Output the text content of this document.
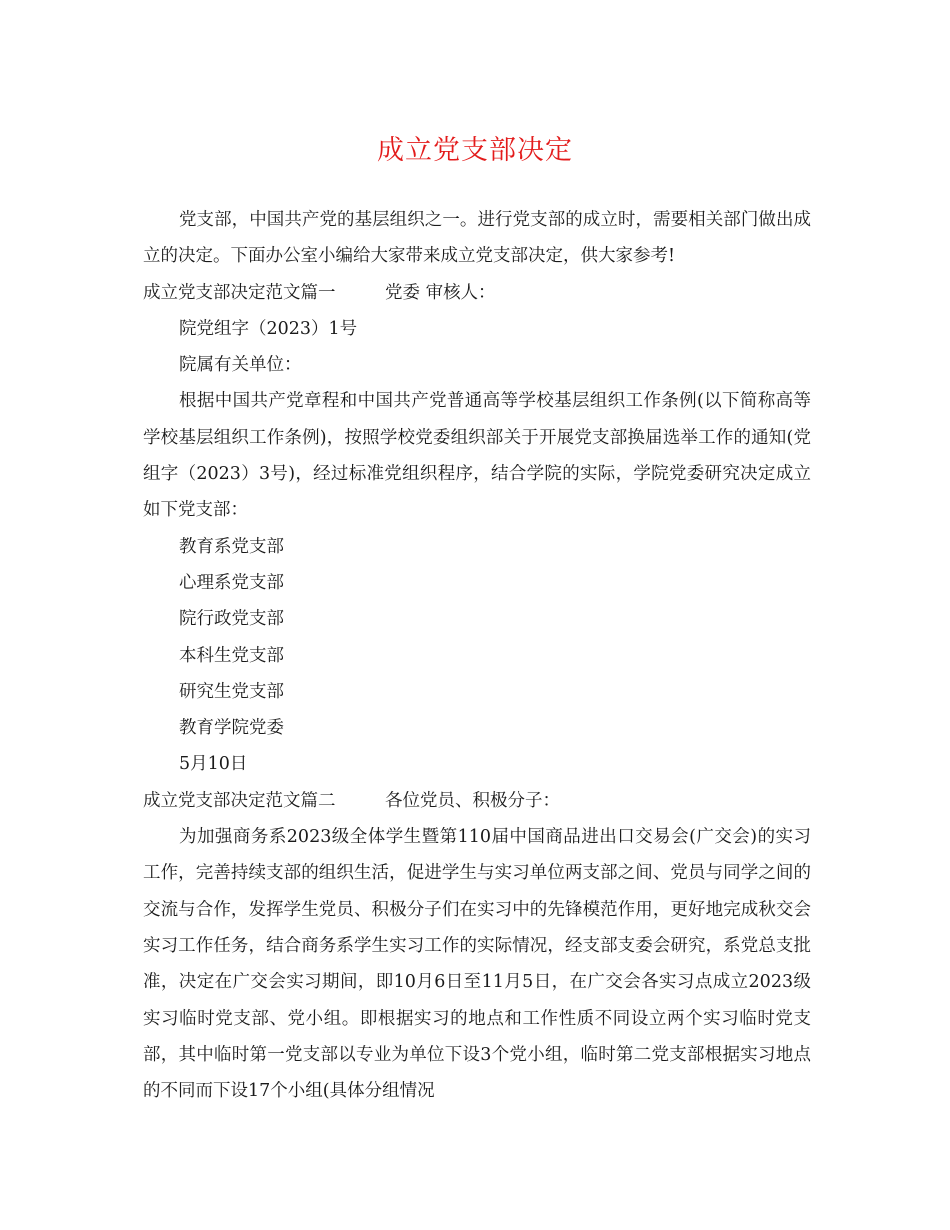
成立党支部决定

党支部，中国共产党的基层组织之一。进行党支部的成立时，需要相关部门做出成立的决定。下面办公室小编给大家带来成立党支部决定，供大家参考!

成立党支部决定范文篇一	党委 审核人：

院党组字（2023）1号

院属有关单位：

根据中国共产党章程和中国共产党普通高等学校基层组织工作条例(以下简称高等学校基层组织工作条例)，按照学校党委组织部关于开展党支部换届选举工作的通知(党组字（2023）3号)，经过标准党组织程序，结合学院的实际，学院党委研究决定成立如下党支部：

教育系党支部

心理系党支部

院行政党支部

本科生党支部

研究生党支部

教育学院党委

5月10日

成立党支部决定范文篇二	各位党员、积极分子：

为加强商务系2023级全体学生暨第110届中国商品进出口交易会(广交会)的实习工作，完善持续支部的组织生活，促进学生与实习单位两支部之间、党员与同学之间的交流与合作，发挥学生党员、积极分子们在实习中的先锋模范作用，更好地完成秋交会实习工作任务，结合商务系学生实习工作的实际情况，经支部支委会研究，系党总支批准，决定在广交会实习期间，即10月6日至11月5日，在广交会各实习点成立2023级实习临时党支部、党小组。即根据实习的地点和工作性质不同设立两个实习临时党支部，其中临时第一党支部以专业为单位下设3个党小组，临时第二党支部根据实习地点的不同而下设17个小组(具体分组情况
